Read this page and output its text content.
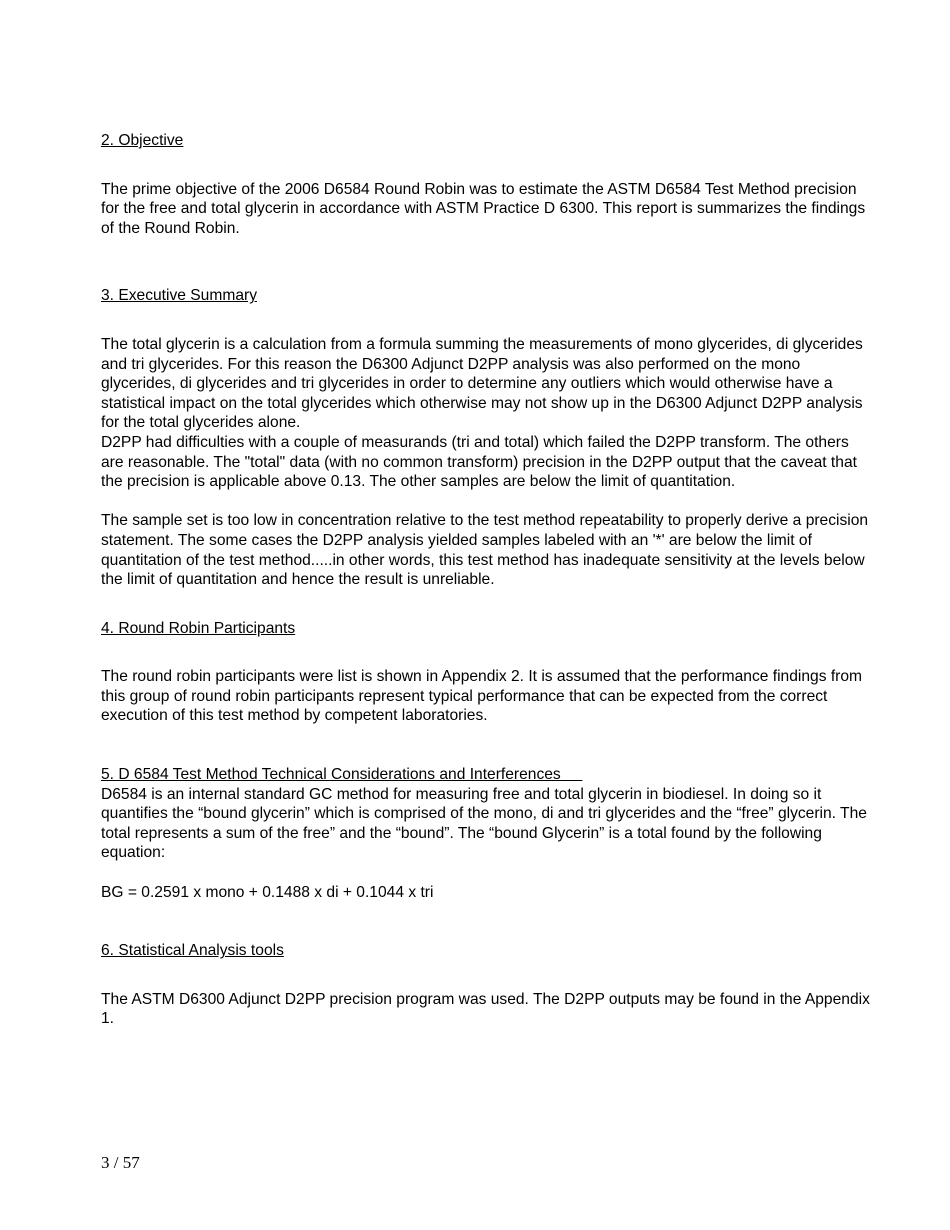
2. Objective

The prime objective of the 2006 D6584 Round Robin was to estimate the ASTM D6584 Test Method precision for the free and total glycerin in accordance with ASTM Practice D 6300. This report is summarizes the findings of the Round Robin.

3. Executive Summary

The total glycerin is a calculation from a formula summing the measurements of mono glycerides, di glycerides and tri glycerides. For this reason the D6300 Adjunct D2PP analysis was also performed on the mono glycerides, di glycerides and tri glycerides in order to determine any outliers which would otherwise have a statistical impact on the total glycerides which otherwise may not show up in the D6300 Adjunct D2PP analysis for the total glycerides alone.

D2PP had difficulties with a couple of measurands (tri and total) which failed the D2PP transform. The others are reasonable. The "total" data (with no common transform) precision in the D2PP output that the caveat that the precision is applicable above 0.13. The other samples are below the limit of quantitation.

The sample set is too low in concentration relative to the test method repeatability to properly derive a precision statement. The some cases the D2PP analysis yielded samples labeled with an '*' are below the limit of quantitation of the test method.....in other words, this test method has inadequate sensitivity at the levels below the limit of quantitation and hence the result is unreliable.

4. Round Robin Participants

The round robin participants were list is shown in Appendix 2. It is assumed that the performance findings from this group of round robin participants represent typical performance that can be expected from the correct execution of this test method by competent laboratories.

5. D 6584 Test Method Technical Considerations and Interferences

D6584 is an internal standard GC method for measuring free and total glycerin in biodiesel. In doing so it quantifies the “bound glycerin” which is comprised of the mono, di and tri glycerides and the “free” glycerin. The total represents a sum of the free” and the “bound”. The “bound Glycerin” is a total found by the following equation:

BG = 0.2591 x mono + 0.1488 x di + 0.1044 x tri

6. Statistical Analysis tools

The ASTM D6300 Adjunct D2PP precision program was used. The D2PP outputs may be found in the Appendix 1.

3 / 57
